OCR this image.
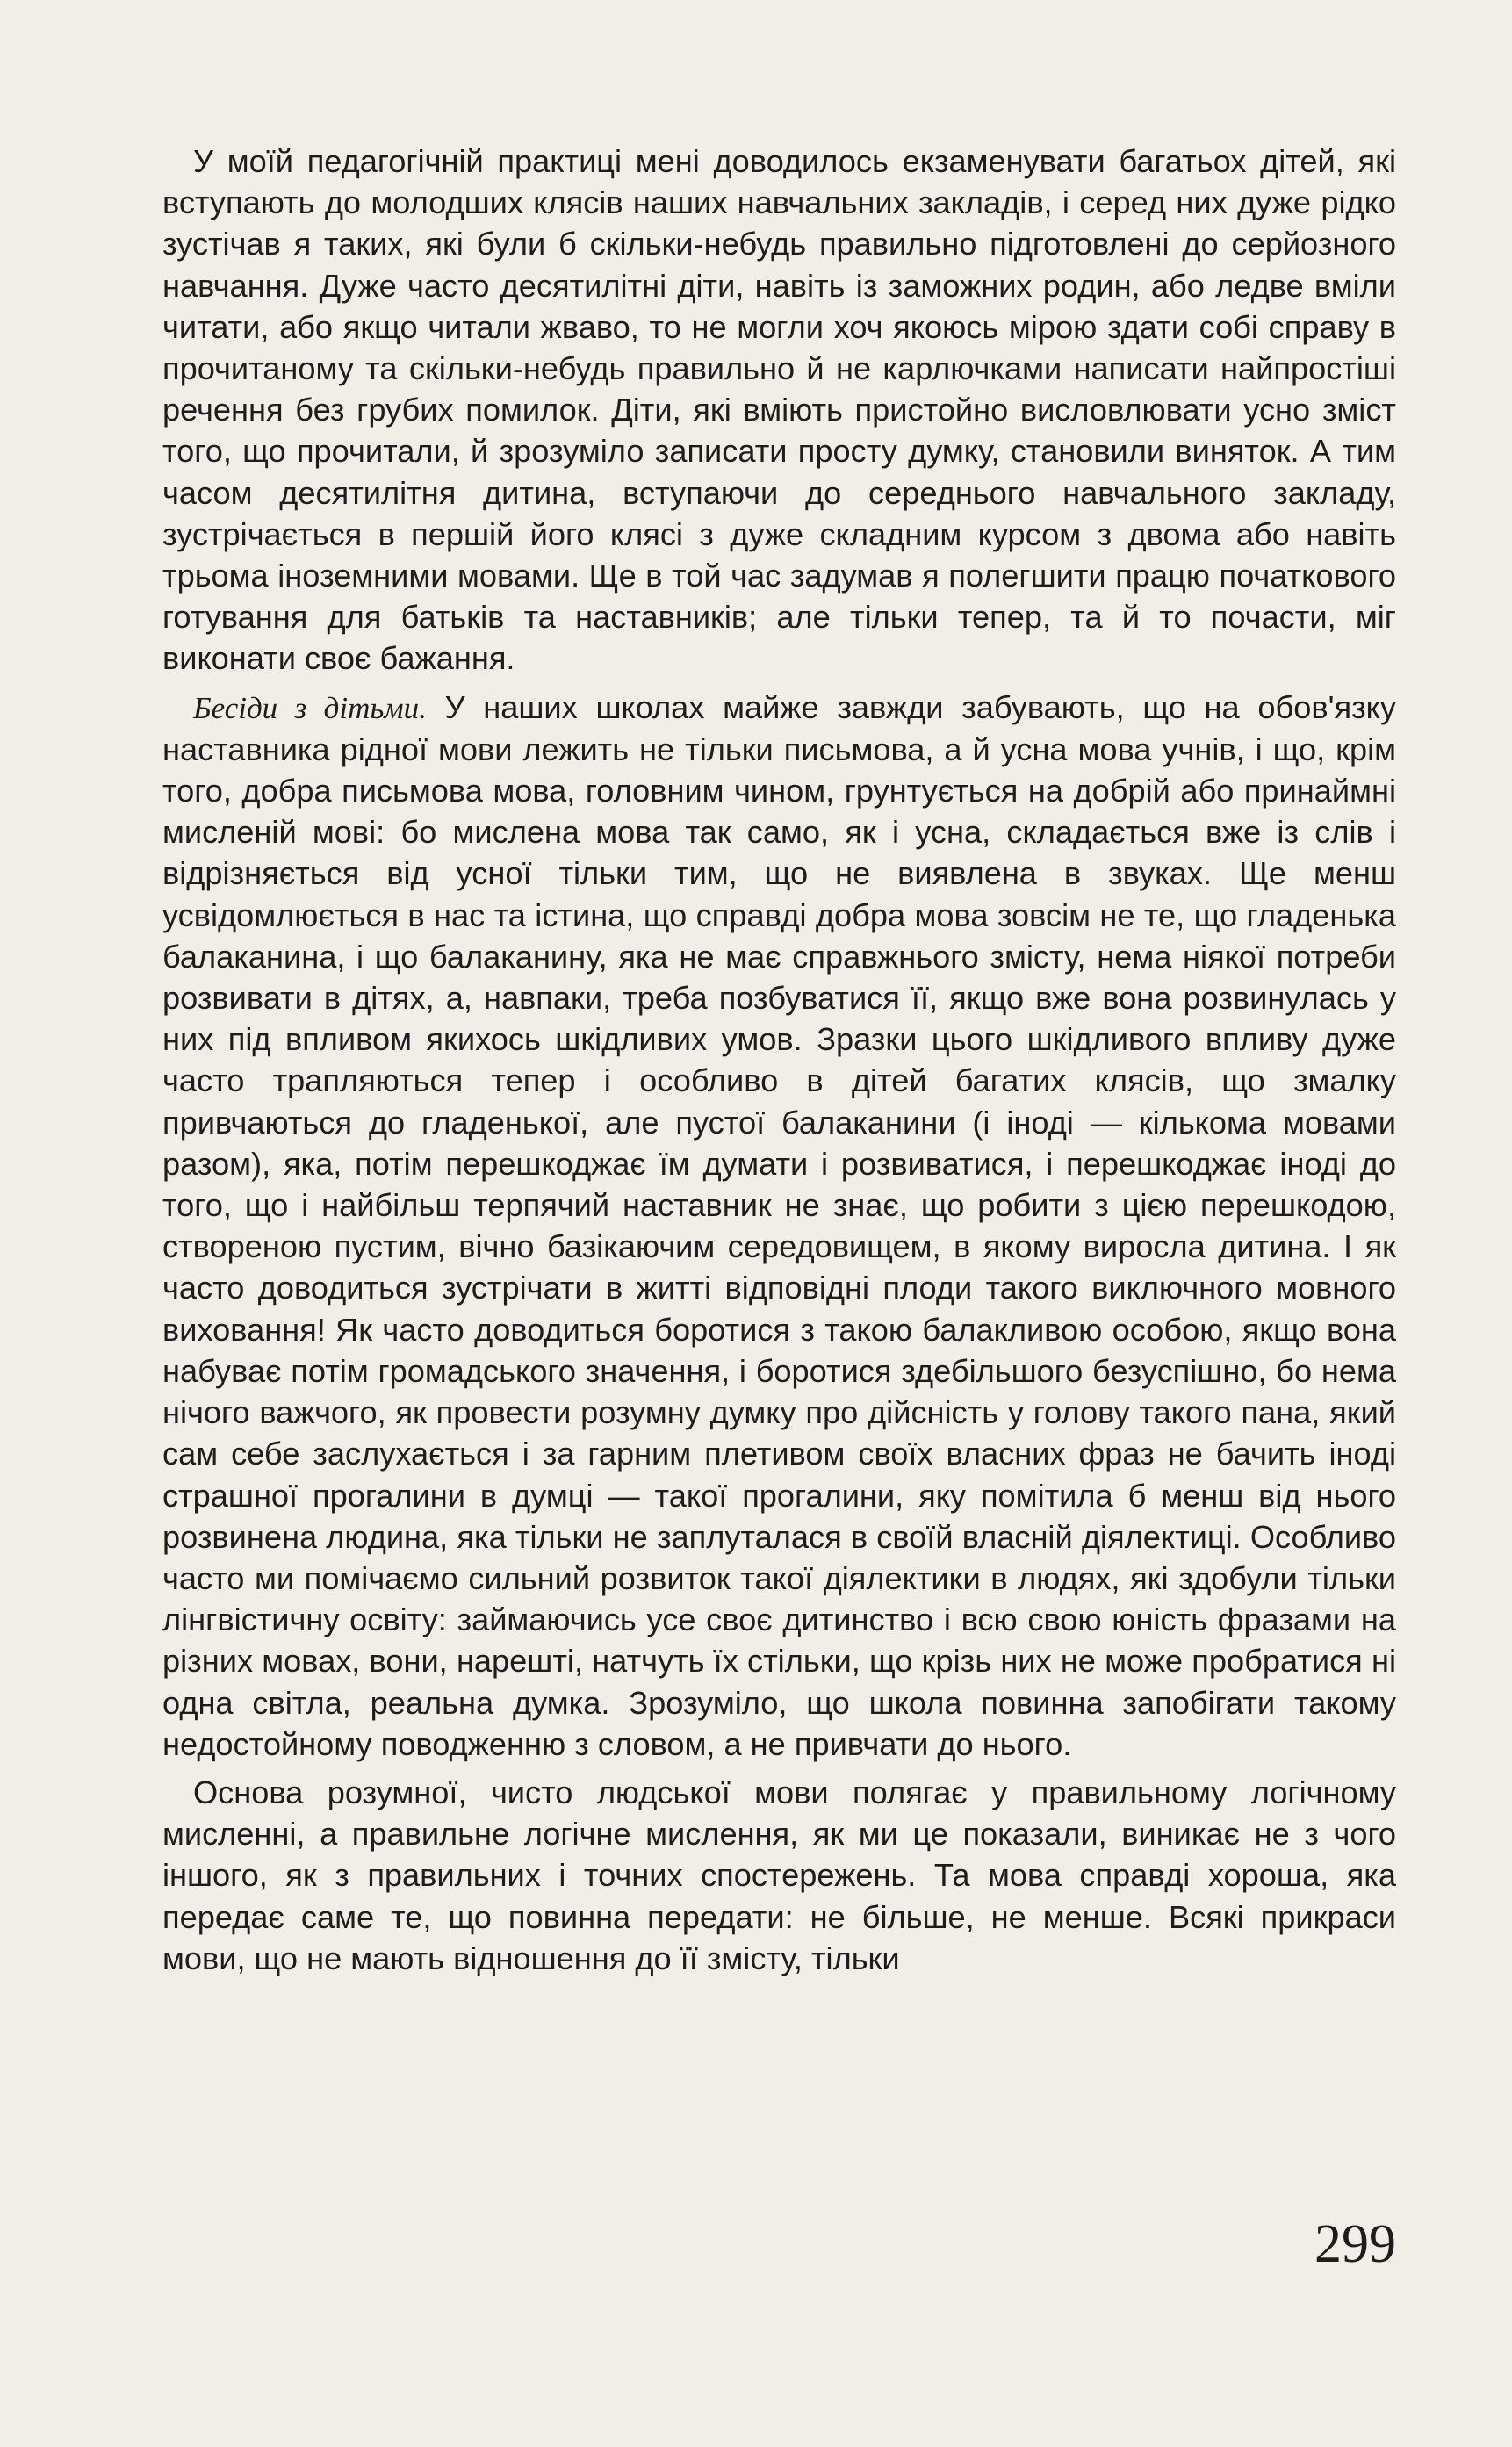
У моїй педагогічній практиці мені доводилось екзаменувати багатьох дітей, які вступають до молодших клясів наших навчальних закладів, і серед них дуже рідко зустічав я таких, які були б скільки-небудь правильно підготовлені до серйозного навчання. Дуже часто десятилітні діти, навіть із заможних родин, або ледве вміли читати, або якщо читали жваво, то не могли хоч якоюсь мірою здати собі справу в прочитаному та скільки-небудь правильно й не карлючками написати найпростіші речення без грубих помилок. Діти, які вміють пристойно висловлювати усно зміст того, що прочитали, й зрозуміло записати просту думку, становили виняток. А тим часом десятилітня дитина, вступаючи до середнього навчального закладу, зустрічається в першій його клясі з дуже складним курсом з двома або навіть трьома іноземними мовами. Ще в той час задумав я полегшити працю початкового готування для батьків та наставників; але тільки тепер, та й то почасти, міг виконати своє бажання.

Бесіди з дітьми. У наших школах майже завжди забувають, що на обов'язку наставника рідної мови лежить не тільки письмова, а й усна мова учнів, і що, крім того, добра письмова мова, головним чином, грунтується на добрій або принаймні мисленій мові: бо мислена мова так само, як і усна, складається вже із слів і відрізняється від усної тільки тим, що не виявлена в звуках. Ще менш усвідомлюється в нас та істина, що справді добра мова зовсім не те, що гладенька балаканина, і що балаканину, яка не має справжнього змісту, нема ніякої потреби розвивати в дітях, а, навпаки, треба позбуватися її, якщо вже вона розвинулась у них під впливом якихось шкідливих умов. Зразки цього шкідливого впливу дуже часто трапляються тепер і особливо в дітей багатих клясів, що змалку привчаються до гладенької, але пустої балаканини (і іноді — кількома мовами разом), яка, потім перешкоджає їм думати і розвиватися, і перешкоджає іноді до того, що і найбільш терпячий наставник не знає, що робити з цією перешкодою, створеною пустим, вічно базікаючим середовищем, в якому виросла дитина. І як часто доводиться зустрічати в житті відповідні плоди такого виключного мовного виховання! Як часто доводиться боротися з такою балакливою особою, якщо вона набуває потім громадського значення, і боротися здебільшого безуспішно, бо нема нічого важчого, як провести розумну думку про дійсність у голову такого пана, який сам себе заслухається і за гарним плетивом своїх власних фраз не бачить іноді страшної прогалини в думці — такої прогалини, яку помітила б менш від нього розвинена людина, яка тільки не заплуталася в своїй власній діялектиці. Особливо часто ми помічаємо сильний розвиток такої діялектики в людях, які здобули тільки лінгвістичну освіту: займаючись усе своє дитинство і всю свою юність фразами на різних мовах, вони, нарешті, натчуть їх стільки, що крізь них не може пробратися ні одна світла, реальна думка. Зрозуміло, що школа повинна запобігати такому недостойному поводженню з словом, а не привчати до нього.

Основа розумної, чисто людської мови полягає у правильному логічному мисленні, а правильне логічне мислення, як ми це показали, виникає не з чого іншого, як з правильних і точних спостережень. Та мова справді хороша, яка передає саме те, що повинна передати: не більше, не менше. Всякі прикраси мови, що не мають відношення до її змісту, тільки

299
